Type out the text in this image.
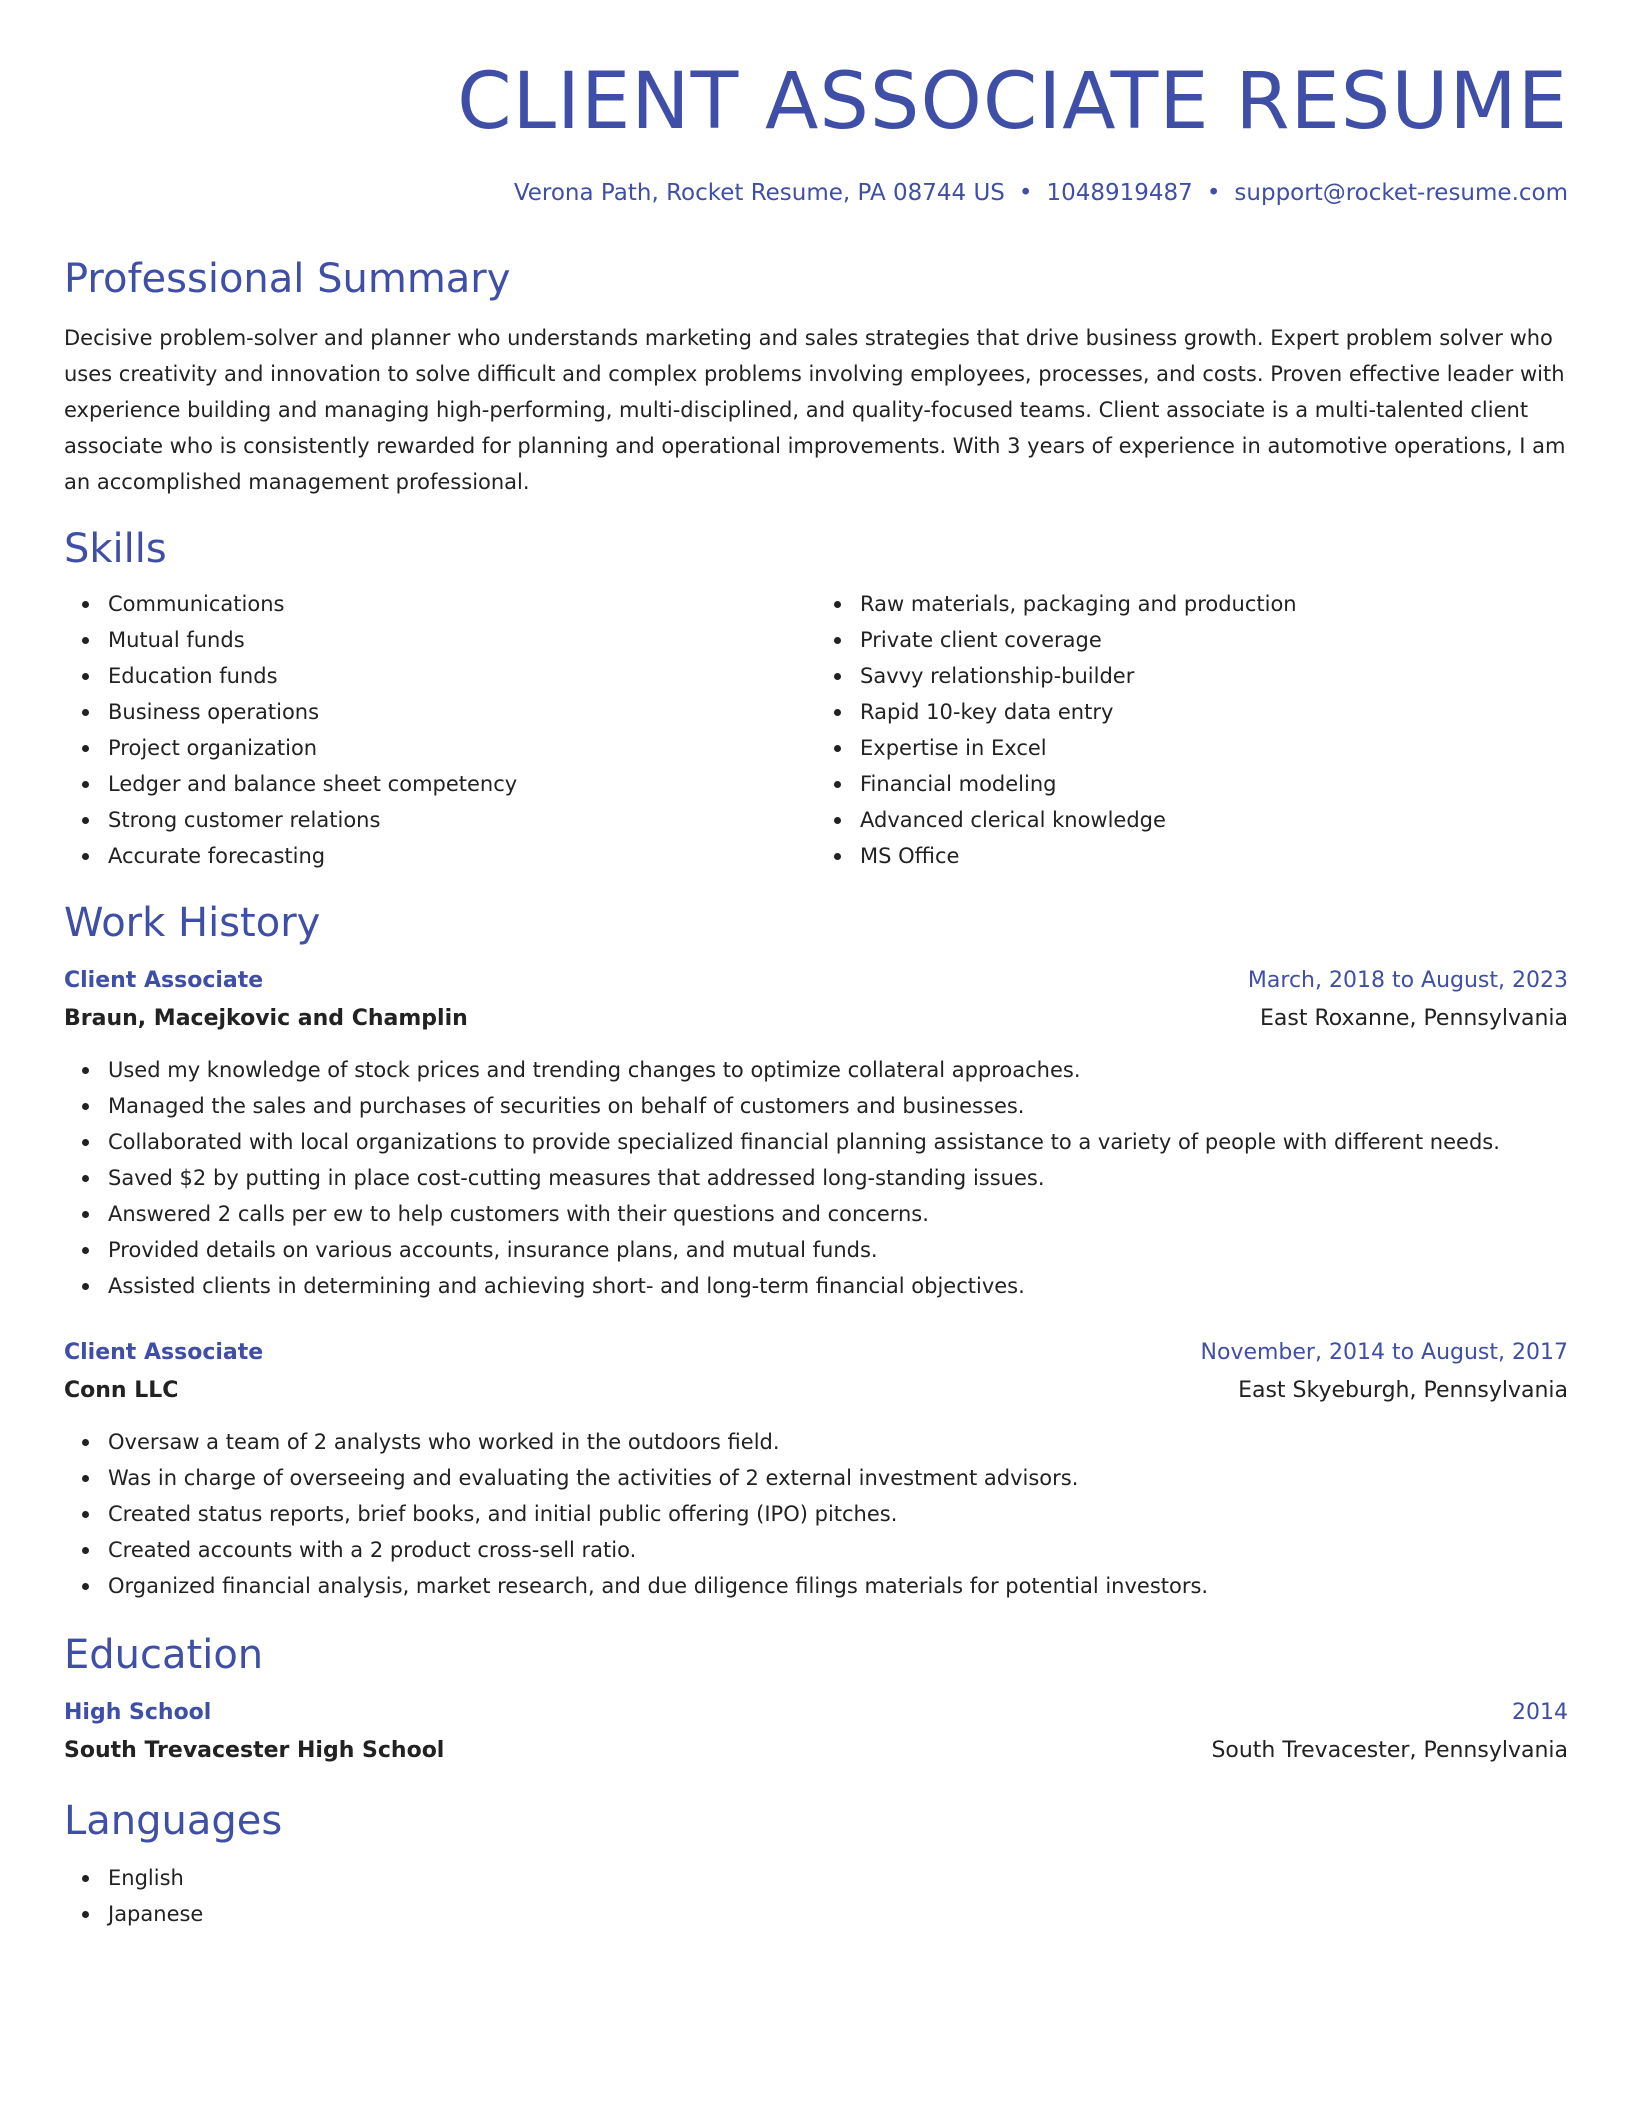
CLIENT ASSOCIATE RESUME
Verona Path, Rocket Resume, PA 08744 US • 1048919487 • support@rocket-resume.com
Professional Summary

Decisive problem-solver and planner who understands marketing and sales strategies that drive business growth. Expert problem solver who uses creativity and innovation to solve difficult and complex problems involving employees, processes, and costs. Proven effective leader with experience building and managing high-performing, multi-disciplined, and quality-focused teams. Client associate is a multi-talented client associate who is consistently rewarded for planning and operational improvements. With 3 years of experience in automotive operations, I am an accomplished management professional.

Skills
Communications
Mutual funds
Education funds
Business operations
Project organization
Ledger and balance sheet competency
Strong customer relations
Accurate forecasting
Raw materials, packaging and production
Private client coverage
Savvy relationship-builder
Rapid 10-key data entry
Expertise in Excel
Financial modeling
Advanced clerical knowledge
MS Office
Work History
Client Associate	March, 2018 to August, 2023
Braun, Macejkovic and Champlin	East Roxanne, Pennsylvania
Used my knowledge of stock prices and trending changes to optimize collateral approaches.
Managed the sales and purchases of securities on behalf of customers and businesses.
Collaborated with local organizations to provide specialized financial planning assistance to a variety of people with different needs.
Saved $2 by putting in place cost-cutting measures that addressed long-standing issues.
Answered 2 calls per ew to help customers with their questions and concerns.
Provided details on various accounts, insurance plans, and mutual funds.
Assisted clients in determining and achieving short- and long-term financial objectives.
Client Associate	November, 2014 to August, 2017
Conn LLC	East Skyeburgh, Pennsylvania
Oversaw a team of 2 analysts who worked in the outdoors field.
Was in charge of overseeing and evaluating the activities of 2 external investment advisors.
Created status reports, brief books, and initial public offering (IPO) pitches.
Created accounts with a 2 product cross-sell ratio.
Organized financial analysis, market research, and due diligence filings materials for potential investors.
Education
High School	2014
South Trevacester High School	South Trevacester, Pennsylvania
Languages
English
Japanese
